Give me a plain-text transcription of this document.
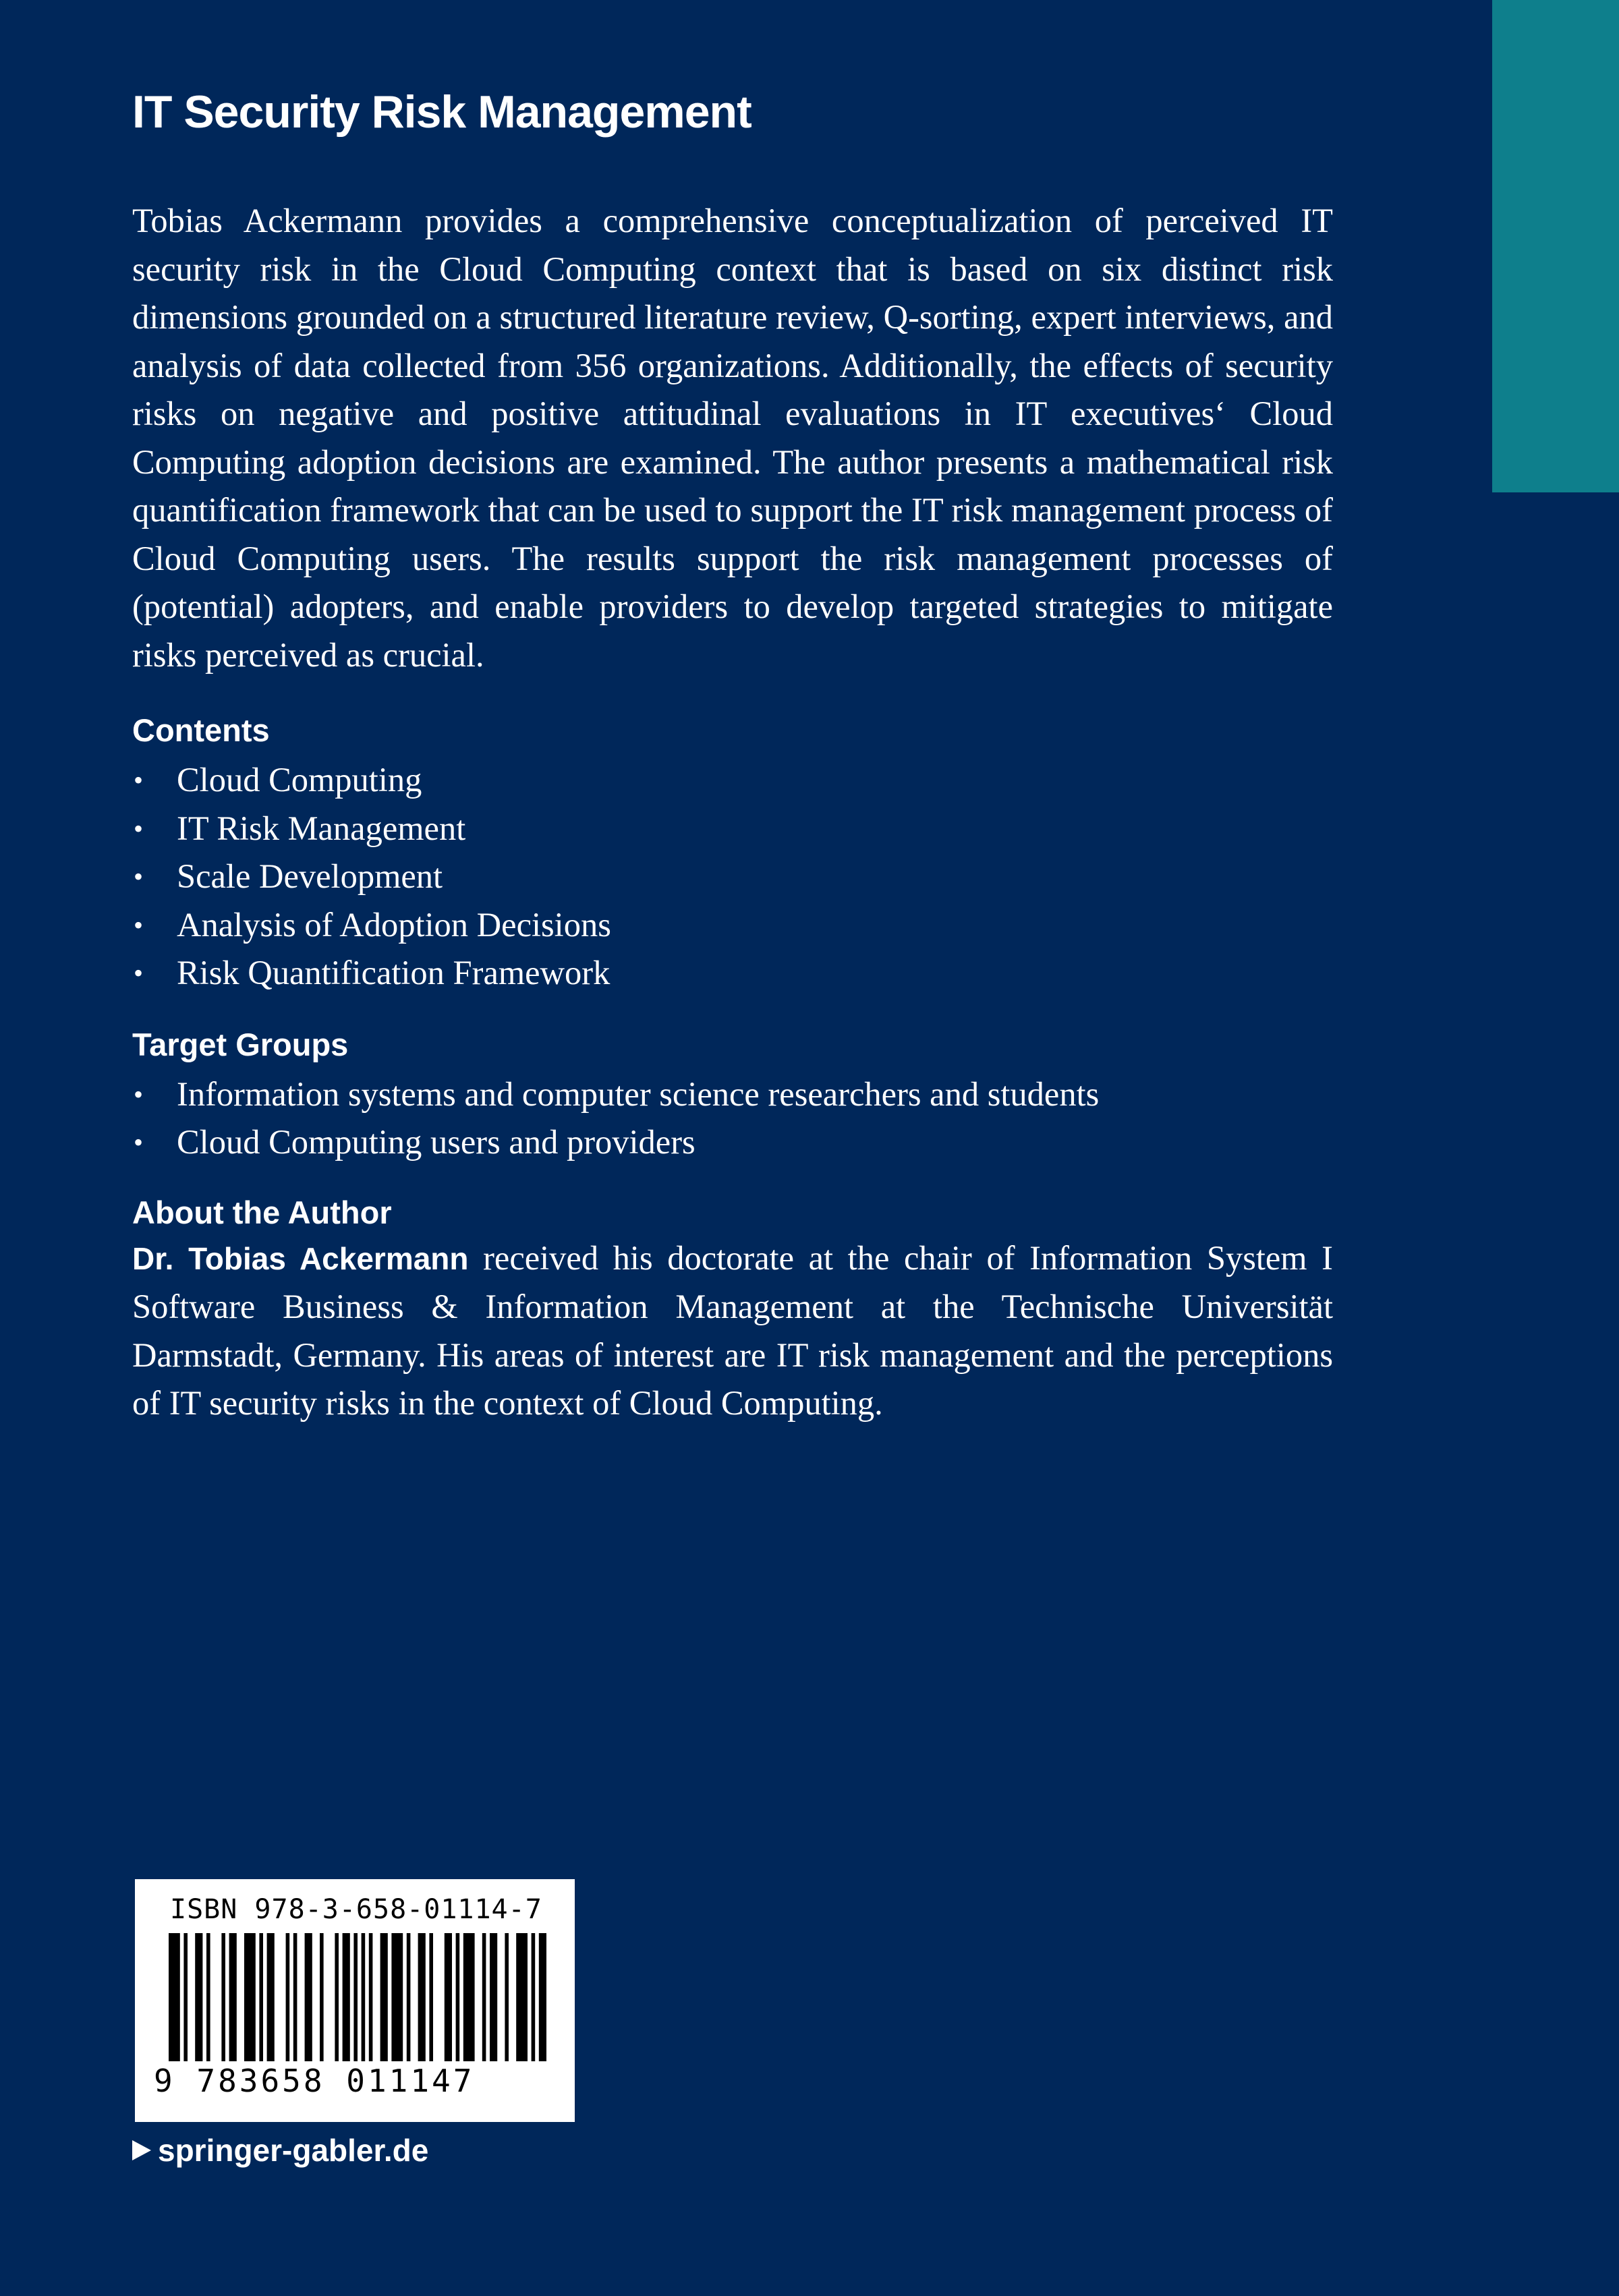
IT Security Risk Management

Tobias Ackermann provides a comprehensive conceptualization of perceived IT security risk in the Cloud Computing context that is based on six distinct risk dimensions grounded on a structured literature review, Q-sorting, expert interviews, and analysis of data collected from 356 organizations. Additionally, the effects of security risks on negative and positive attitudinal evaluations in IT executives‘ Cloud Computing adoption decisions are examined. The author presents a mathematical risk quantification framework that can be used to support the IT risk management process of Cloud Computing users. The results support the risk management processes of (potential) adopters, and enable providers to develop targeted strategies to mitigate risks perceived as crucial.

Contents
• Cloud Computing
• IT Risk Management
• Scale Development
• Analysis of Adoption Decisions
• Risk Quantification Framework
Target Groups
• Information systems and computer science researchers and students
• Cloud Computing users and providers
About the Author

Dr. Tobias Ackermann received his doctorate at the chair of Information System I Software Business & Information Management at the Technische Universität Darmstadt, Germany. His areas of interest are IT risk management and the perceptions of IT security risks in the context of Cloud Computing.

ISBN 978-3-658-01114-7
9 783658 011147
springer-gabler.de
